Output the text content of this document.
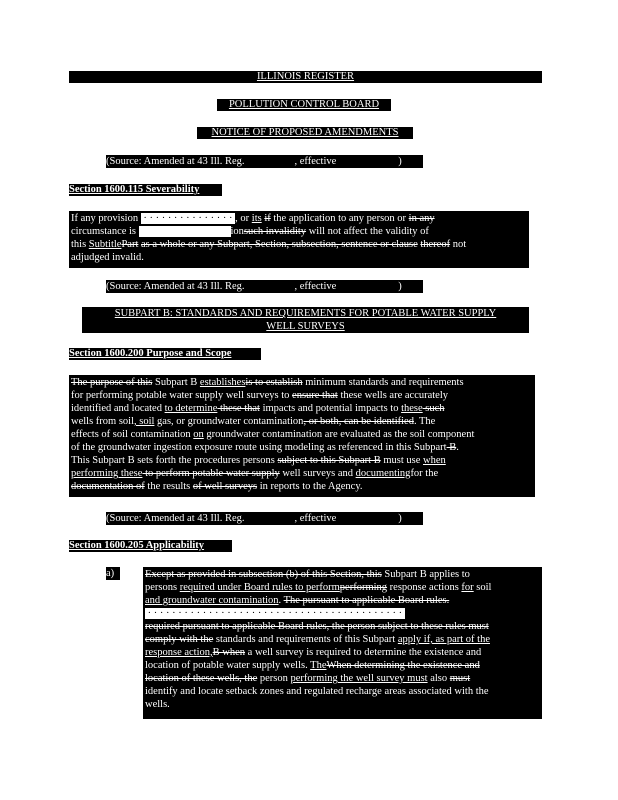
ILLINOIS REGISTER
POLLUTION CONTROL BOARD
NOTICE OF PROPOSED AMENDMENTS
(Source: Amended at 43 Ill. Reg.	, effective	)
Section 1600.115 Severability
If any provision  · · · · · · · · · · · · · · · , or its if the application to any person or in any
circumstance is	ionsuch invalidity will not affect the validity of
this SubtitlePart as a whole or any Subpart, Section, subsection, sentence or clause thereof not
adjudged invalid.
(Source: Amended at 43 Ill. Reg.	, effective	)
SUBPART B: STANDARDS AND REQUIREMENTS FOR POTABLE WATER SUPPLY
WELL SURVEYS
Section 1600.200 Purpose and Scope
The purpose of this Subpart B establishesis to establish minimum standards and requirements
for performing potable water supply well surveys to ensure that these wells are accurately
identified and located to determine these that impacts and potential impacts to these such
wells from soil, soil gas, or groundwater contamination, or both, can be identified. The
effects of soil contamination on groundwater contamination are evaluated as the soil component
of the groundwater ingestion exposure route using modeling as referenced in this Subpart B.
This Subpart B sets forth the procedures persons subject to this Subpart B must use when
performing these to perform potable water supply well surveys and documentingfor the
documentation of the results of well surveys in reports to the Agency.
(Source: Amended at 43 Ill. Reg.	, effective	)
Section 1600.205 Applicability
a)	Except as provided in subsection (b) of this Section, this Subpart B applies to
persons required under Board rules to performperforming response actions for soil
and groundwater contamination. The pursuant to applicable Board rules.
· · · · · · · · · · · · · · · · · · · · · · · · · · · · · · · · · · · · · · · · · ·
required pursuant to applicable Board rules, the person subject to these rules must
comply with the standards and requirements of this Subpart apply if, as part of the
response action,B when a well survey is required to determine the existence and
location of potable water supply wells. TheWhen determining the existence and
location of these wells, the person performing the well survey must also must
identify and locate setback zones and regulated recharge areas associated with the
wells.
